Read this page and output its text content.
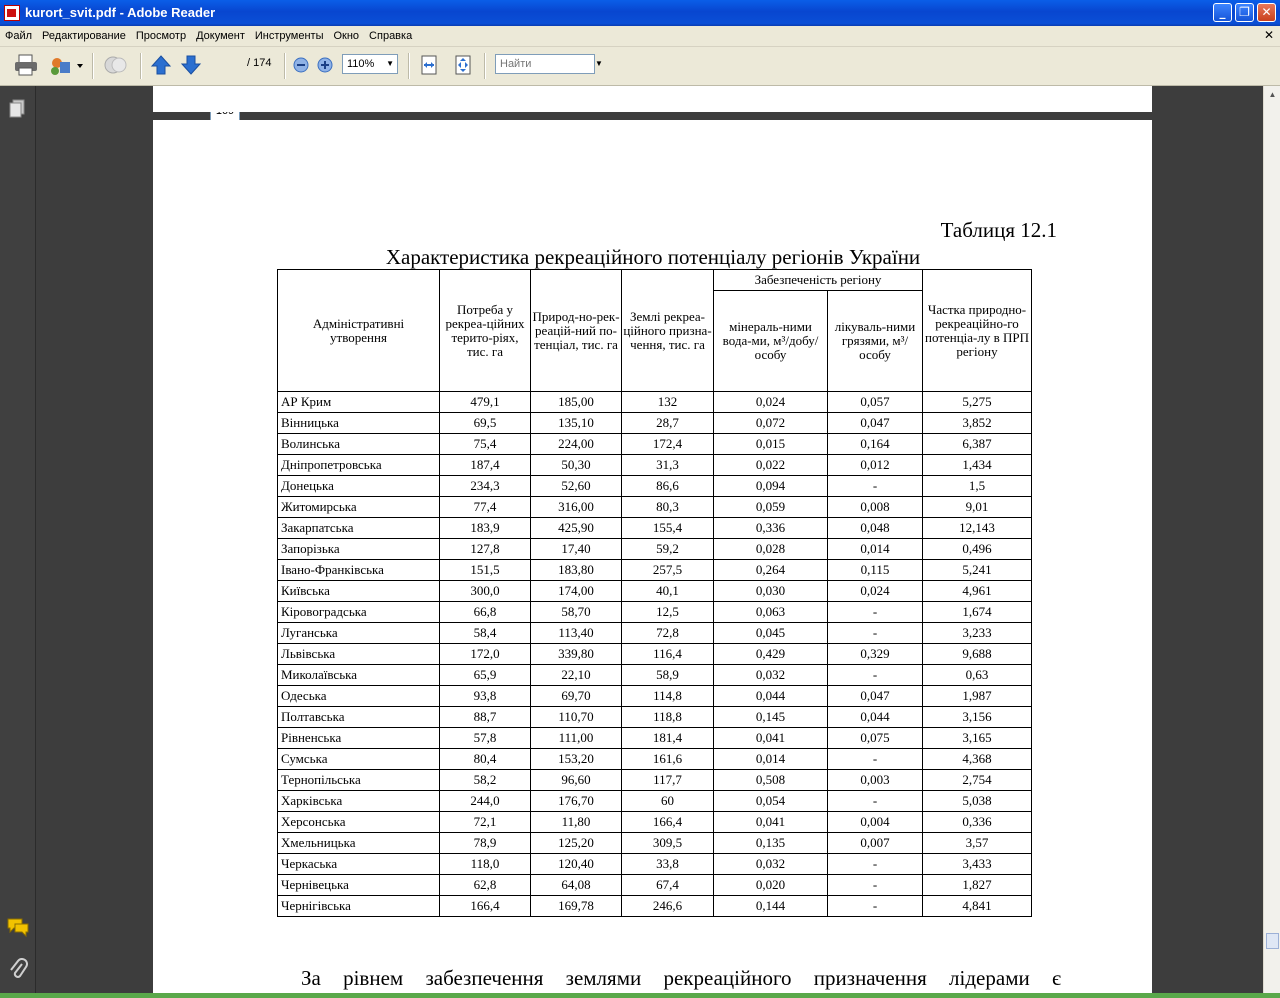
kurort_svit.pdf - Adobe Reader	_	❐ ✕
Файл Редактирование Просмотр Документ Инструменты Окно Справка	✕
169
/ 174	110% ▼
Найти	▼
Таблиця 12.1
Характеристика рекреаційного потенціалу регіонів України
За рівнем забезпечення землями рекреаційного призначення лідерами є
Адміністративні утворення	Потреба у рекреа-ційних терито-ріях, тис. га	Природ-но-рек-реацій-ний по-тенціал, тис. га	Землі рекреа-ційного призна-чення, тис. га	Забезпеченість регіону		Частка природно-рекреаційно-го потенціа-лу в ПРП регіону
				мінераль-ними вода-ми, м³/добу/ особу	лікуваль-ними грязями, м³/особу	
АР Крим	479,1	185,00	132	0,024	0,057	5,275
Вінницька	69,5	135,10	28,7	0,072	0,047	3,852
Волинська	75,4	224,00	172,4	0,015	0,164	6,387
Дніпропетровська	187,4	50,30	31,3	0,022	0,012	1,434
Донецька	234,3	52,60	86,6	0,094	-	1,5
Житомирська	77,4	316,00	80,3	0,059	0,008	9,01
Закарпатська	183,9	425,90	155,4	0,336	0,048	12,143
Запорізька	127,8	17,40	59,2	0,028	0,014	0,496
Івано-Франківська	151,5	183,80	257,5	0,264	0,115	5,241
Київська	300,0	174,00	40,1	0,030	0,024	4,961
Кіровоградська	66,8	58,70	12,5	0,063	-	1,674
Луганська	58,4	113,40	72,8	0,045	-	3,233
Львівська	172,0	339,80	116,4	0,429	0,329	9,688
Миколаївська	65,9	22,10	58,9	0,032	-	0,63
Одеська	93,8	69,70	114,8	0,044	0,047	1,987
Полтавська	88,7	110,70	118,8	0,145	0,044	3,156
Рівненська	57,8	111,00	181,4	0,041	0,075	3,165
Сумська	80,4	153,20	161,6	0,014	-	4,368
Тернопільська	58,2	96,60	117,7	0,508	0,003	2,754
Харківська	244,0	176,70	60	0,054	-	5,038
Херсонська	72,1	11,80	166,4	0,041	0,004	0,336
Хмельницька	78,9	125,20	309,5	0,135	0,007	3,57
Черкаська	118,0	120,40	33,8	0,032	-	3,433
Чернівецька	62,8	64,08	67,4	0,020	-	1,827
Чернігівська	166,4	169,78	246,6	0,144	-	4,841
▲
